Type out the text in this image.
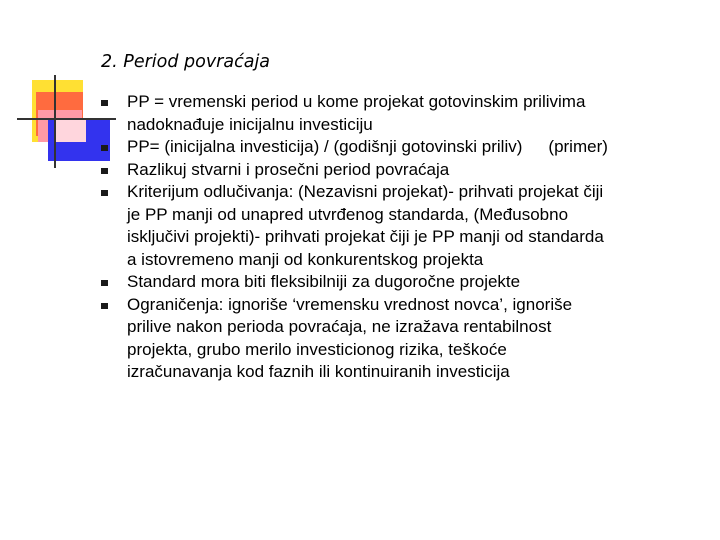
2. Period povraćaja
PP = vremenski period u kome projekat gotovinskim prilivima
nadoknađuje inicijalnu investiciju
PP= (inicijalna investicija) / (godišnji gotovinski priliv) (primer)
Razlikuj stvarni i prosečni period povraćaja
Kriterijum odlučivanja: (Nezavisni projekat)- prihvati projekat čiji
je PP manji od unapred utvrđenog standarda, (Međusobno
isključivi projekti)- prihvati projekat čiji je PP manji od standarda
a istovremeno manji od konkurentskog projekta
Standard mora biti fleksibilniji za dugoročne projekte
Ograničenja: ignoriše ‘vremensku vrednost novca’, ignoriše
prilive nakon perioda povraćaja, ne izražava rentabilnost
projekta, grubo merilo investicionog rizika, teškoće
izračunavanja kod faznih ili kontinuiranih investicija
